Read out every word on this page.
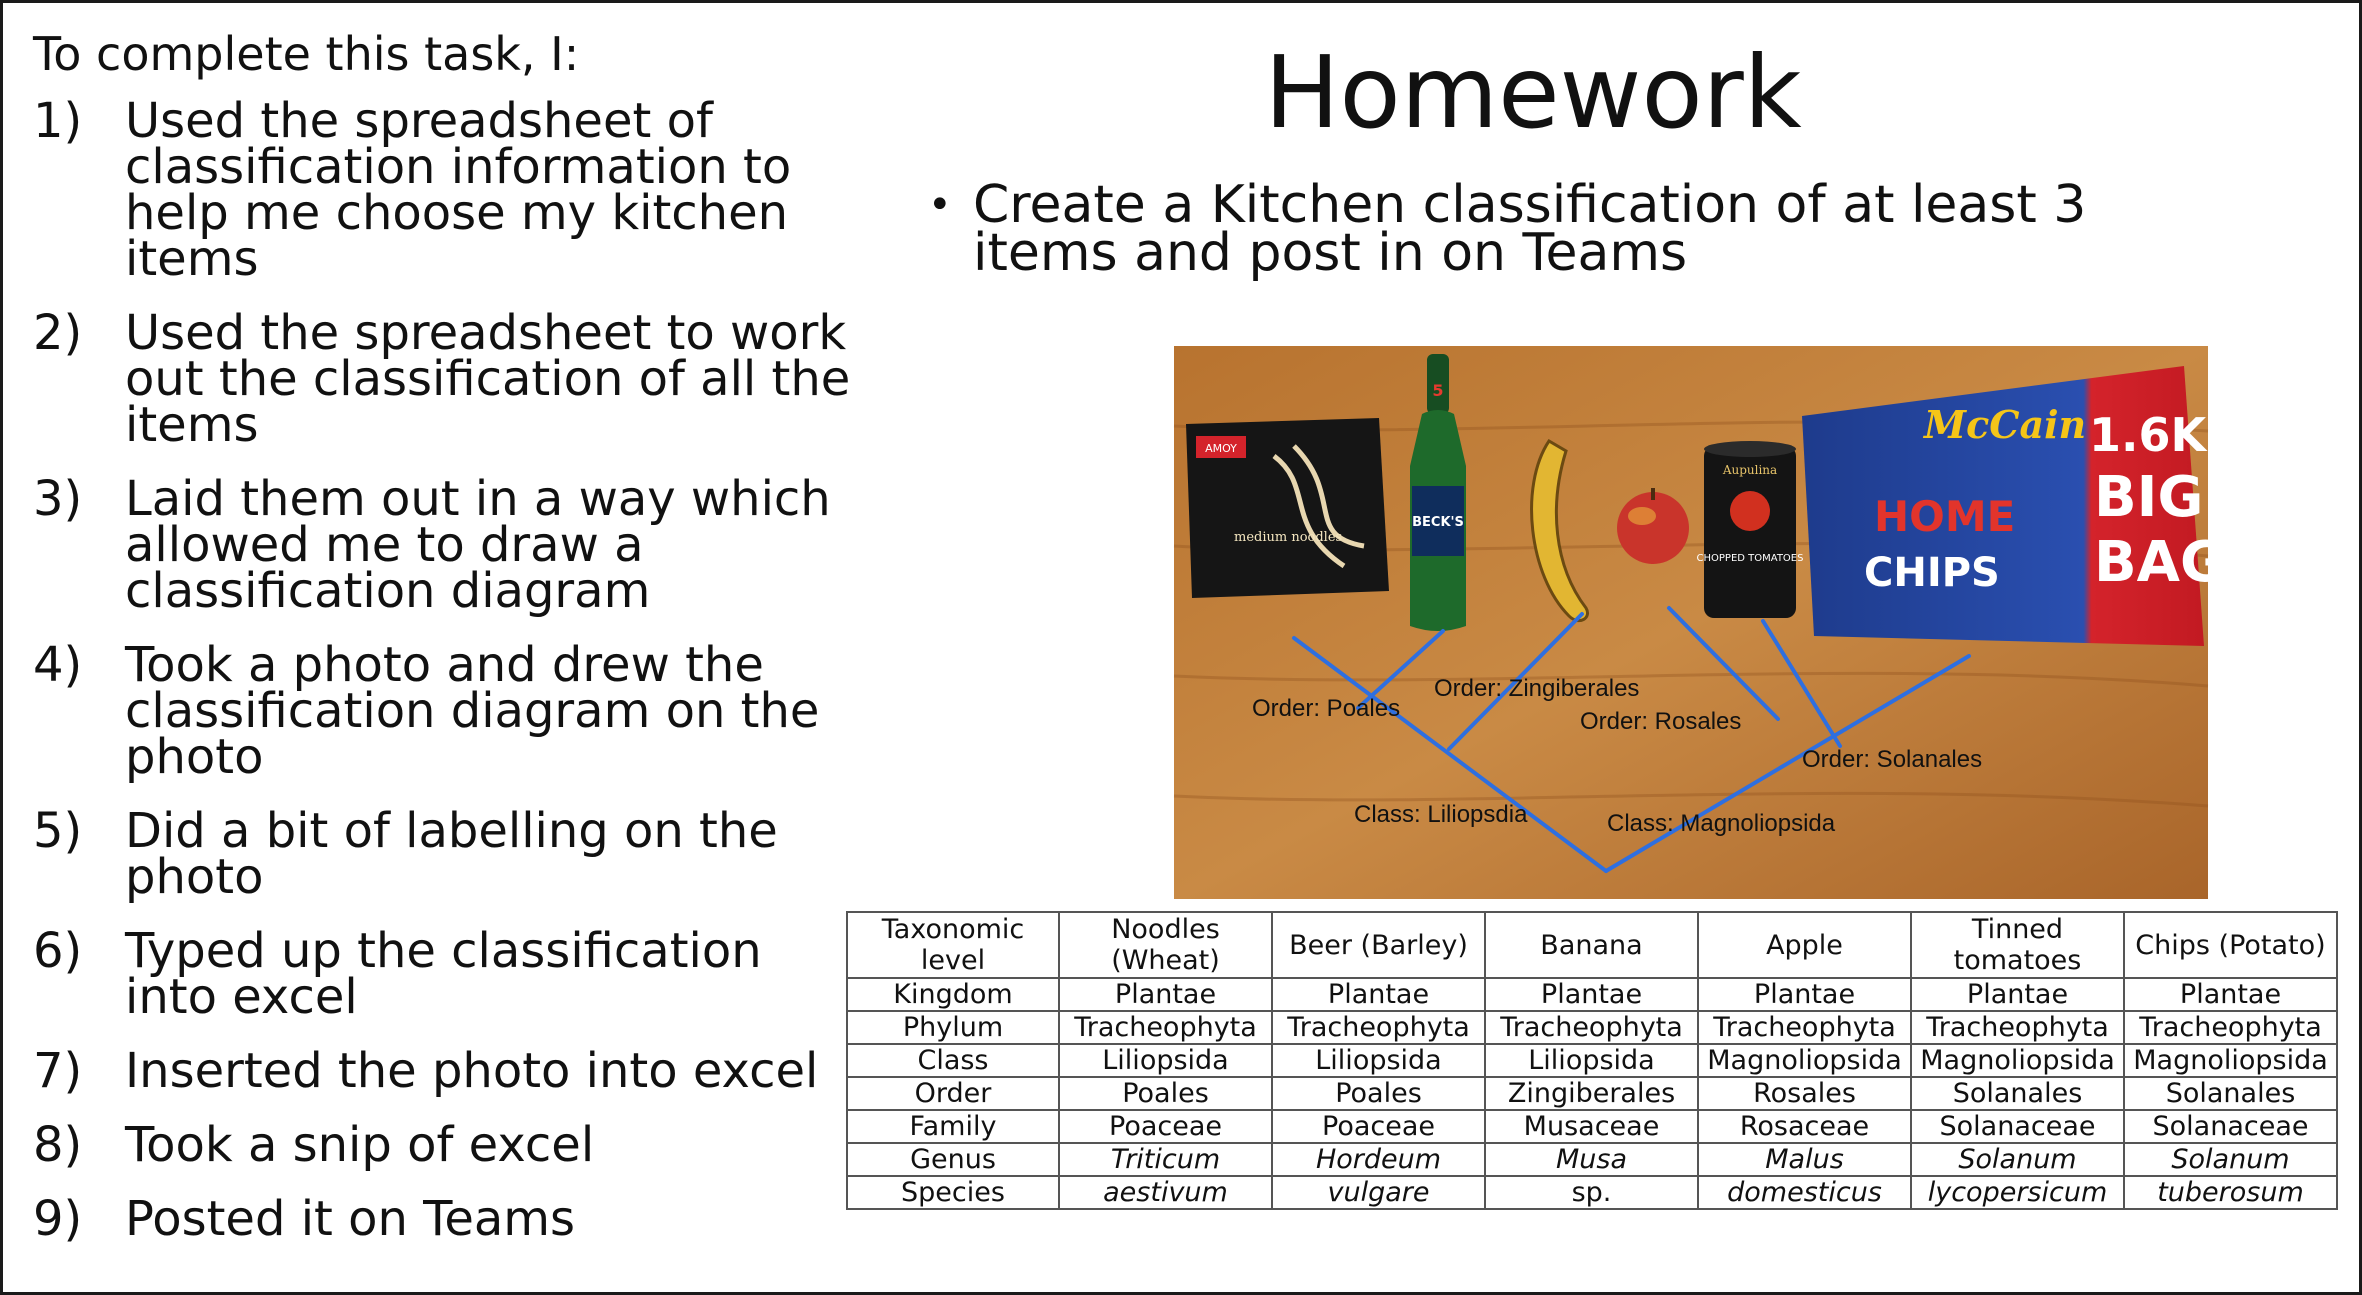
To complete this task, I:
1) Used the spreadsheet of classification information to help me choose my kitchen items
2) Used the spreadsheet to work out the classification of all the items
3) Laid them out in a way which allowed me to draw a classification diagram
4) Took a photo and drew the classification diagram on the photo
5) Did a bit of labelling on the photo
6) Typed up the classification into excel
7) Inserted the photo into excel
8) Took a snip of excel
9) Posted it on Teams
Homework
• Create a Kitchen classification of at least 3 items and post in on Teams
AMOY
medium noodles
BECK'S
5
Aupulina
CHOPPED TOMATOES
McCain
HOME
CHIPS
1.6KG
BIG
BAG
Order: Poales
Order: Zingiberales
Order: Rosales
Order: Solanales
Class: Liliopsdia	Class: Magnoliopsida
Taxonomic level	Noodles (Wheat)	Beer (Barley)	Banana	Apple	Tinned tomatoes	Chips (Potato)
Kingdom	Plantae	Plantae	Plantae	Plantae	Plantae	Plantae
Phylum	Tracheophyta	Tracheophyta	Tracheophyta	Tracheophyta	Tracheophyta	Tracheophyta
Class	Liliopsida	Liliopsida	Liliopsida	Magnoliopsida	Magnoliopsida	Magnoliopsida
Order	Poales	Poales	Zingiberales	Rosales	Solanales	Solanales
Family	Poaceae	Poaceae	Musaceae	Rosaceae	Solanaceae	Solanaceae
Genus	Triticum	Hordeum	Musa	Malus	Solanum	Solanum
Species	aestivum	vulgare	sp.	domesticus	lycopersicum	tuberosum
